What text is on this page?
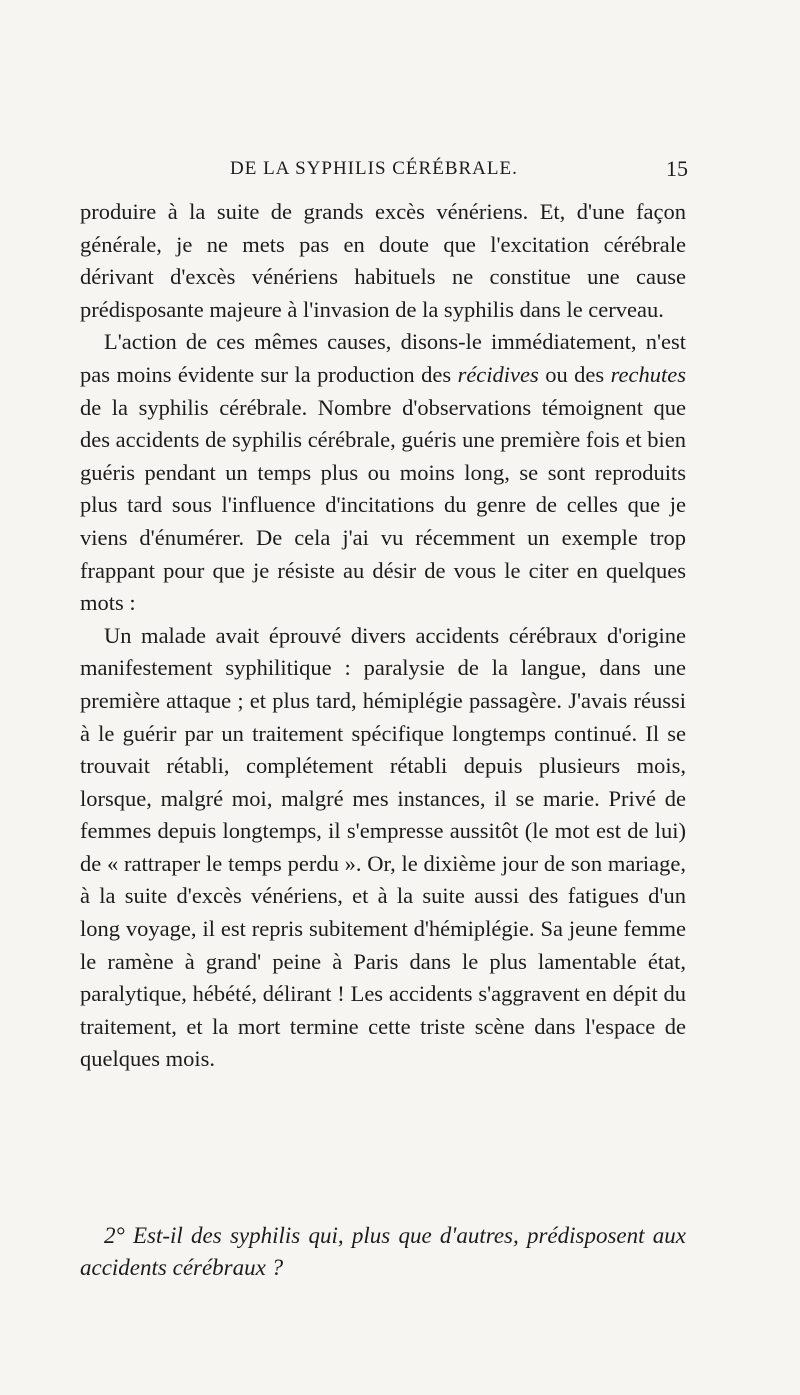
DE LA SYPHILIS CÉRÉBRALE.	15

produire à la suite de grands excès vénériens. Et, d'une façon générale, je ne mets pas en doute que l'excitation cérébrale dérivant d'excès vénériens habituels ne constitue une cause prédisposante majeure à l'invasion de la syphilis dans le cerveau.

L'action de ces mêmes causes, disons-le immédiatement, n'est pas moins évidente sur la production des récidives ou des rechutes de la syphilis cérébrale. Nombre d'observations témoignent que des accidents de syphilis cérébrale, guéris une première fois et bien guéris pendant un temps plus ou moins long, se sont reproduits plus tard sous l'influence d'incitations du genre de celles que je viens d'énumérer. De cela j'ai vu récemment un exemple trop frappant pour que je résiste au désir de vous le citer en quelques mots :

Un malade avait éprouvé divers accidents cérébraux d'origine manifestement syphilitique : paralysie de la langue, dans une première attaque ; et plus tard, hémiplégie passagère. J'avais réussi à le guérir par un traitement spécifique longtemps continué. Il se trouvait rétabli, complétement rétabli depuis plusieurs mois, lorsque, malgré moi, malgré mes instances, il se marie. Privé de femmes depuis longtemps, il s'empresse aussitôt (le mot est de lui) de « rattraper le temps perdu ». Or, le dixième jour de son mariage, à la suite d'excès vénériens, et à la suite aussi des fatigues d'un long voyage, il est repris subitement d'hémiplégie. Sa jeune femme le ramène à grand' peine à Paris dans le plus lamentable état, paralytique, hébété, délirant ! Les accidents s'aggravent en dépit du traitement, et la mort termine cette triste scène dans l'espace de quelques mois.

2° Est-il des syphilis qui, plus que d'autres, prédisposent aux accidents cérébraux ?
